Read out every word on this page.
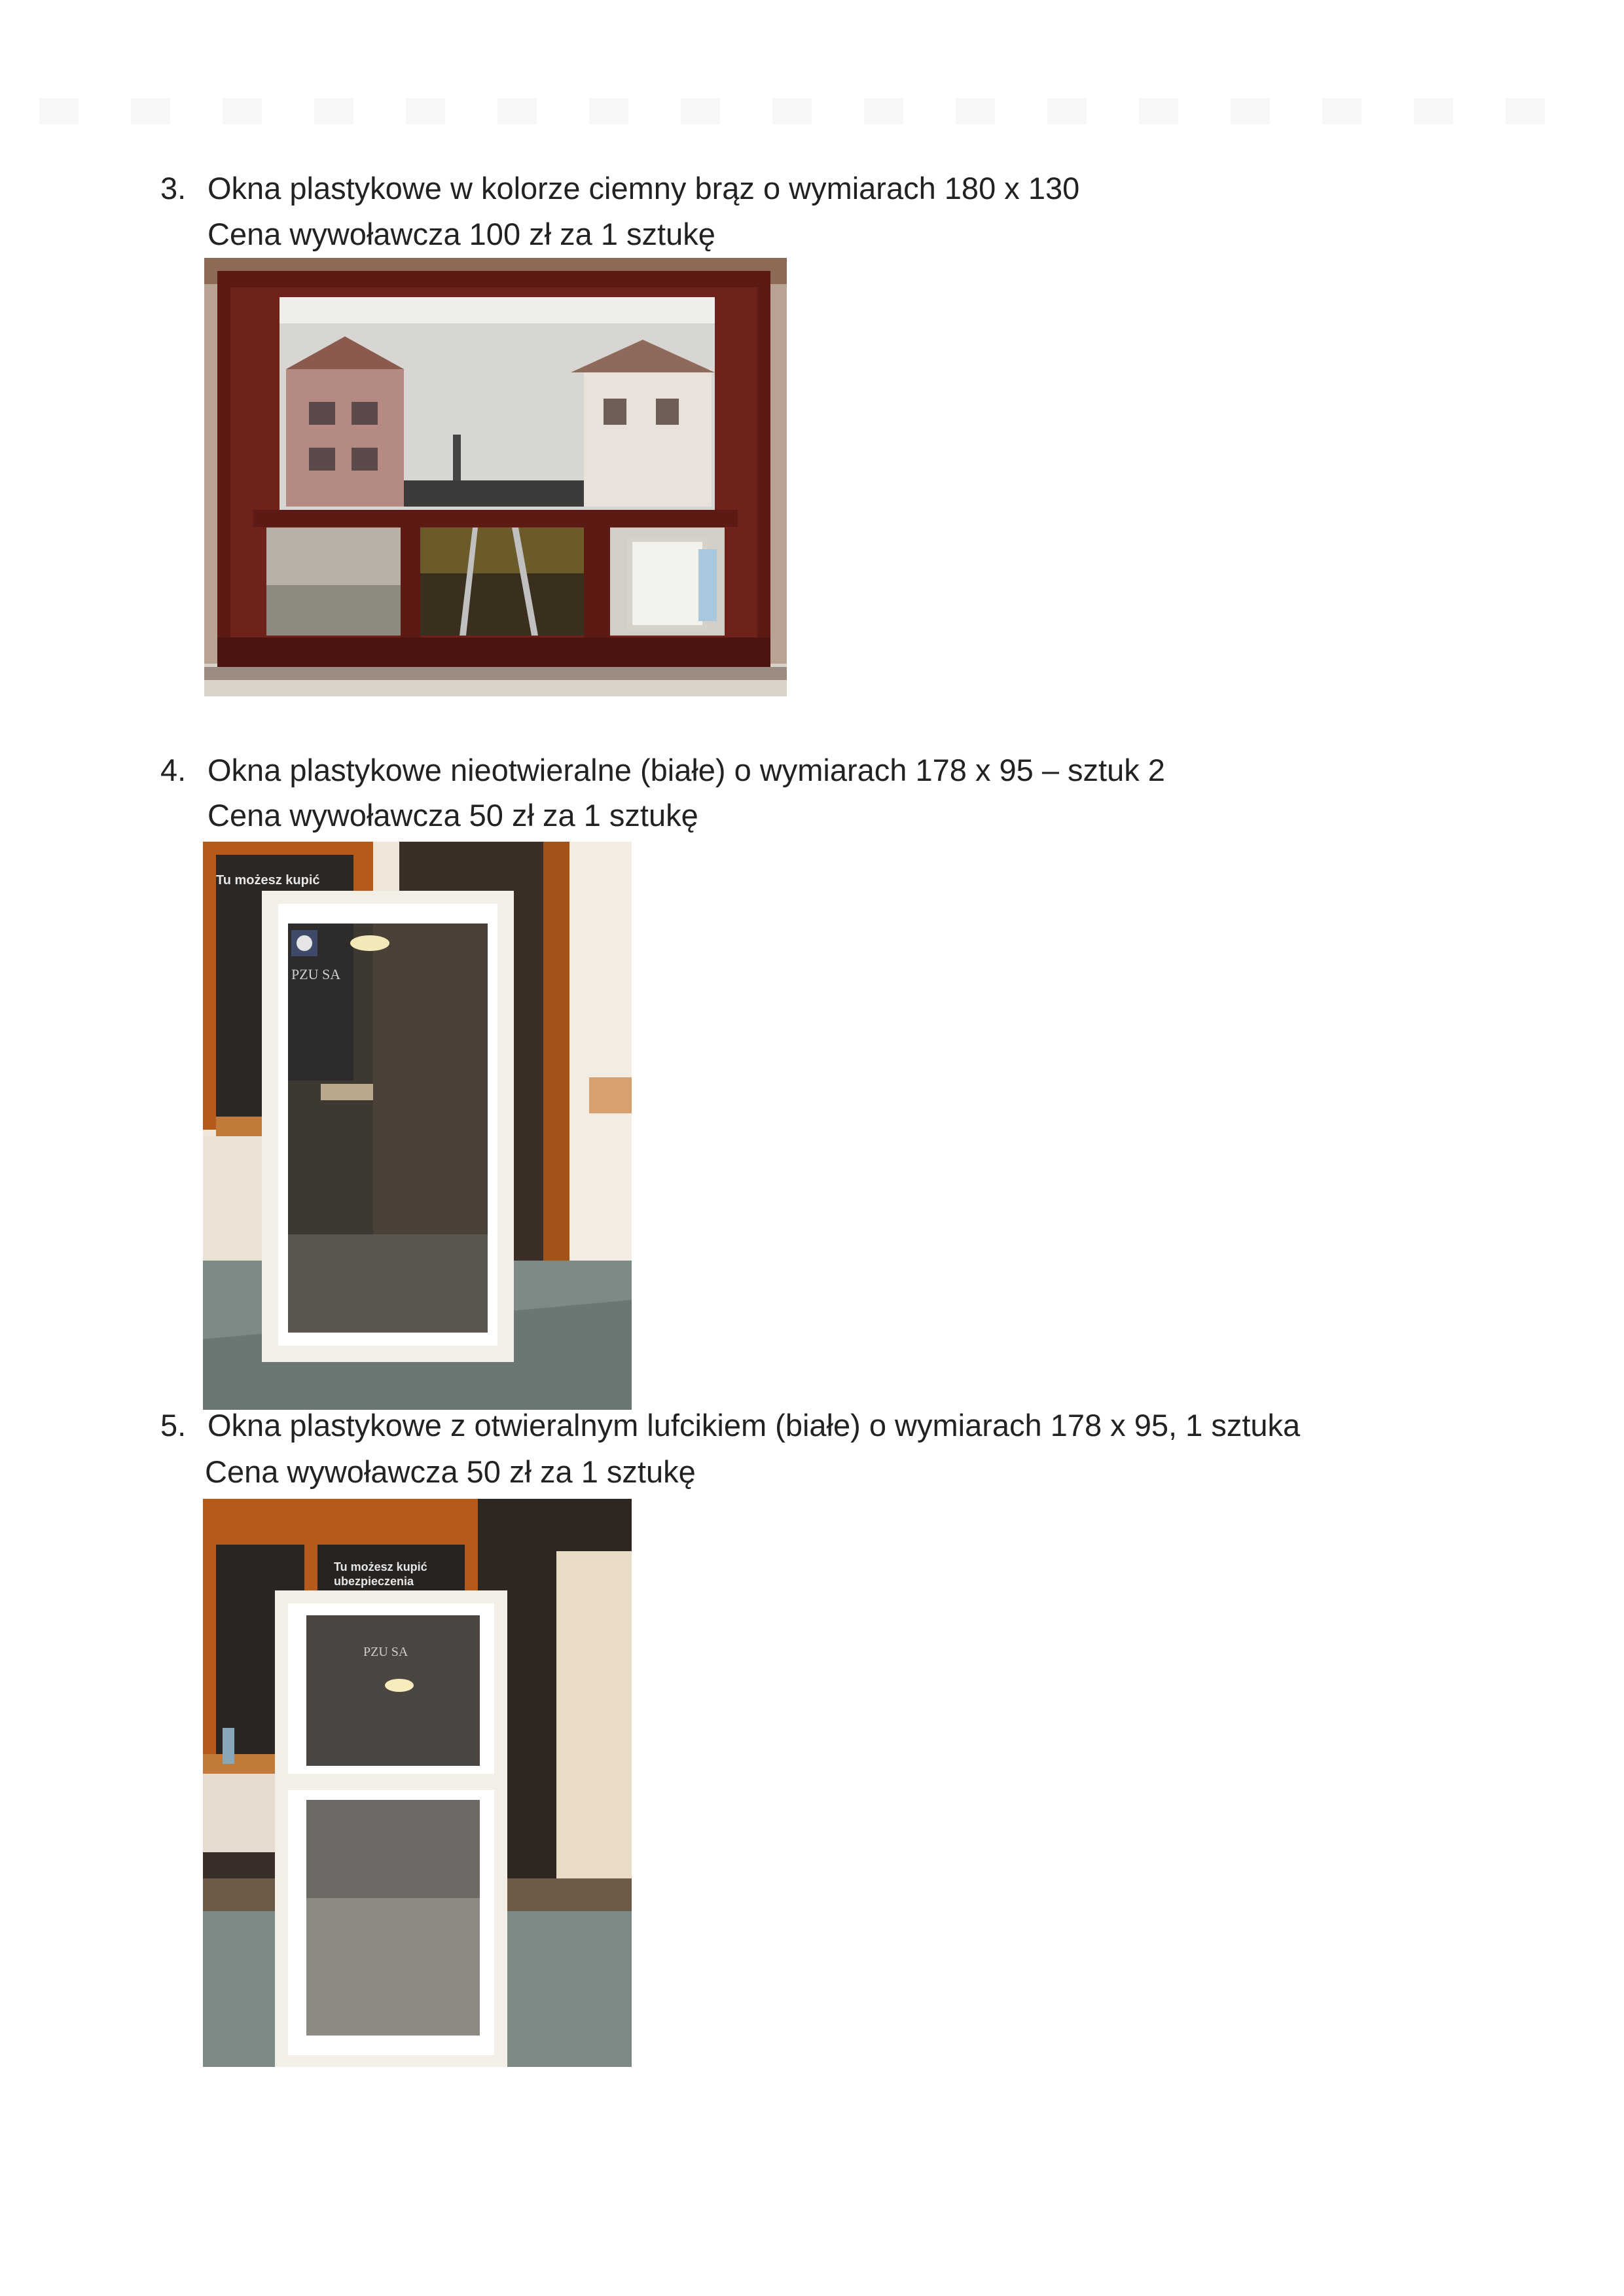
3. Okna plastykowe w kolorze ciemny brąz o wymiarach 180 x 130
Cena wywoławcza 100 zł za 1 sztukę
4. Okna plastykowe nieotwieralne (białe) o wymiarach 178 x 95 – sztuk 2
Cena wywoławcza 50 zł za 1 sztukę
Tu możesz kupić
PZU SA
5. Okna plastykowe z otwieralnym lufcikiem (białe) o wymiarach 178 x 95, 1 sztuka
Cena wywoławcza 50 zł za 1 sztukę
Tu możesz kupić
ubezpieczenia
PZU SA
